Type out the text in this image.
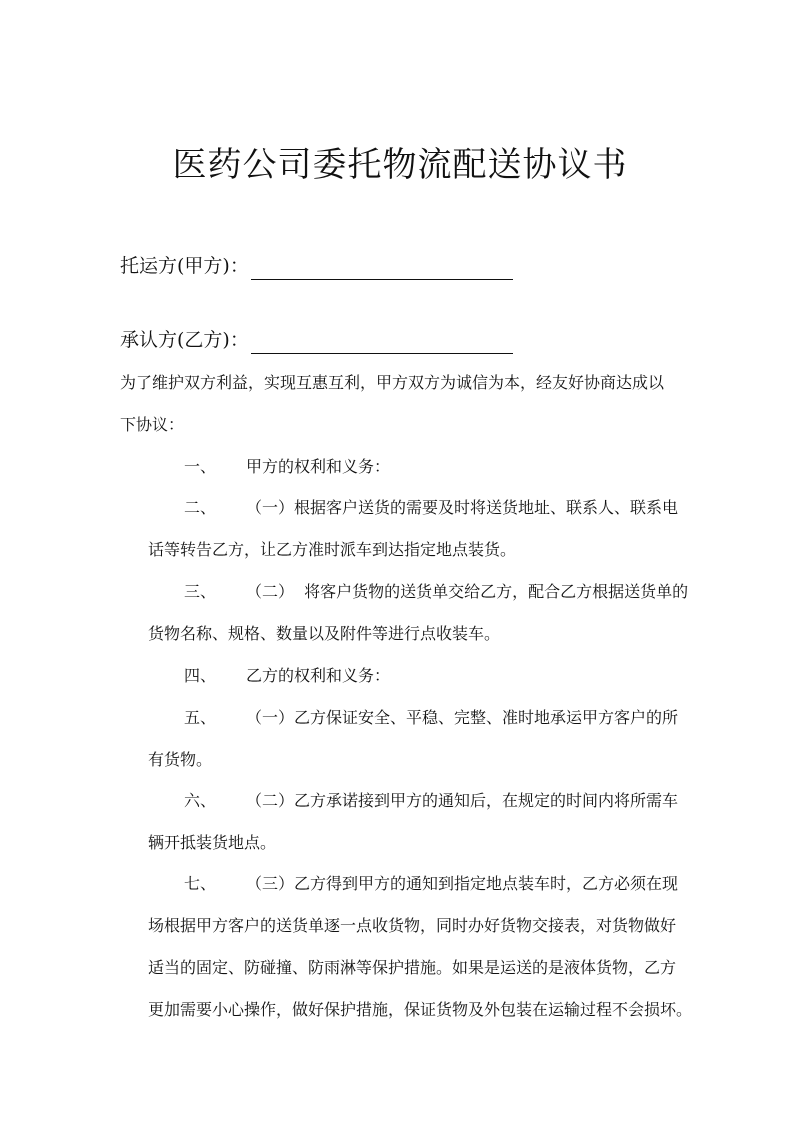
医药公司委托物流配送协议书
托运方(甲方)：
承认方(乙方)：
为了维护双方利益，实现互惠互利，甲方双方为诚信为本，经友好协商达成以
下协议：
一、	甲方的权利和义务：
二、	（一）根据客户送货的需要及时将送货地址、联系人、联系电
话等转告乙方，让乙方准时派车到达指定地点装货。
三、	（二）  将客户货物的送货单交给乙方，配合乙方根据送货单的
货物名称、规格、数量以及附件等进行点收装车。
四、	乙方的权利和义务：
五、	（一）乙方保证安全、平稳、完整、准时地承运甲方客户的所
有货物。
六、	（二）乙方承诺接到甲方的通知后，在规定的时间内将所需车
辆开抵装货地点。
七、	（三）乙方得到甲方的通知到指定地点装车时，乙方必须在现
场根据甲方客户的送货单逐一点收货物，同时办好货物交接表，对货物做好
适当的固定、防碰撞、防雨淋等保护措施。如果是运送的是液体货物，乙方
更加需要小心操作，做好保护措施，保证货物及外包装在运输过程不会损坏。
